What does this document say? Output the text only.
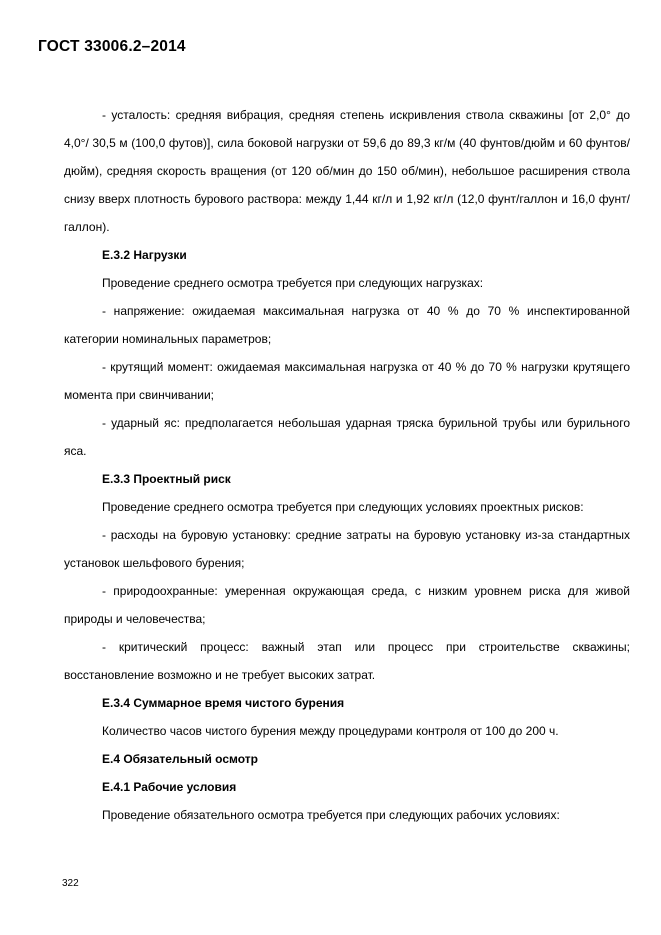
ГОСТ 33006.2–2014

- усталость: средняя вибрация, средняя степень искривления ствола скважины [от 2,0° до 4,0°/ 30,5 м (100,0 футов)], сила боковой нагрузки от 59,6 до 89,3 кг/м (40 фунтов/дюйм и 60 фунтов/дюйм), средняя скорость вращения (от 120 об/мин до 150 об/мин), небольшое расширения ствола снизу вверх плотность бурового раствора: между 1,44 кг/л и 1,92 кг/л (12,0 фунт/галлон и 16,0 фунт/галлон).

Е.3.2 Нагрузки

Проведение среднего осмотра требуется при следующих нагрузках:

- напряжение: ожидаемая максимальная нагрузка от 40 % до 70 % инспектированной категории номинальных параметров;

- крутящий момент: ожидаемая максимальная нагрузка от 40 % до 70 % нагрузки крутящего момента при свинчивании;

- ударный яс: предполагается небольшая ударная тряска бурильной трубы или бурильного яса.

Е.3.3 Проектный риск

Проведение среднего осмотра требуется при следующих условиях проектных рисков:

- расходы на буровую установку: средние затраты на буровую установку из-за стандартных установок шельфового бурения;

- природоохранные: умеренная окружающая среда, с низким уровнем риска для живой природы и человечества;

- критический процесс: важный этап или процесс при строительстве скважины; восстановление возможно и не требует высоких затрат.

Е.3.4 Суммарное время чистого бурения

Количество часов чистого бурения между процедурами контроля от 100 до 200 ч.

Е.4 Обязательный осмотр

Е.4.1 Рабочие условия

Проведение обязательного осмотра требуется при следующих рабочих условиях:

322
